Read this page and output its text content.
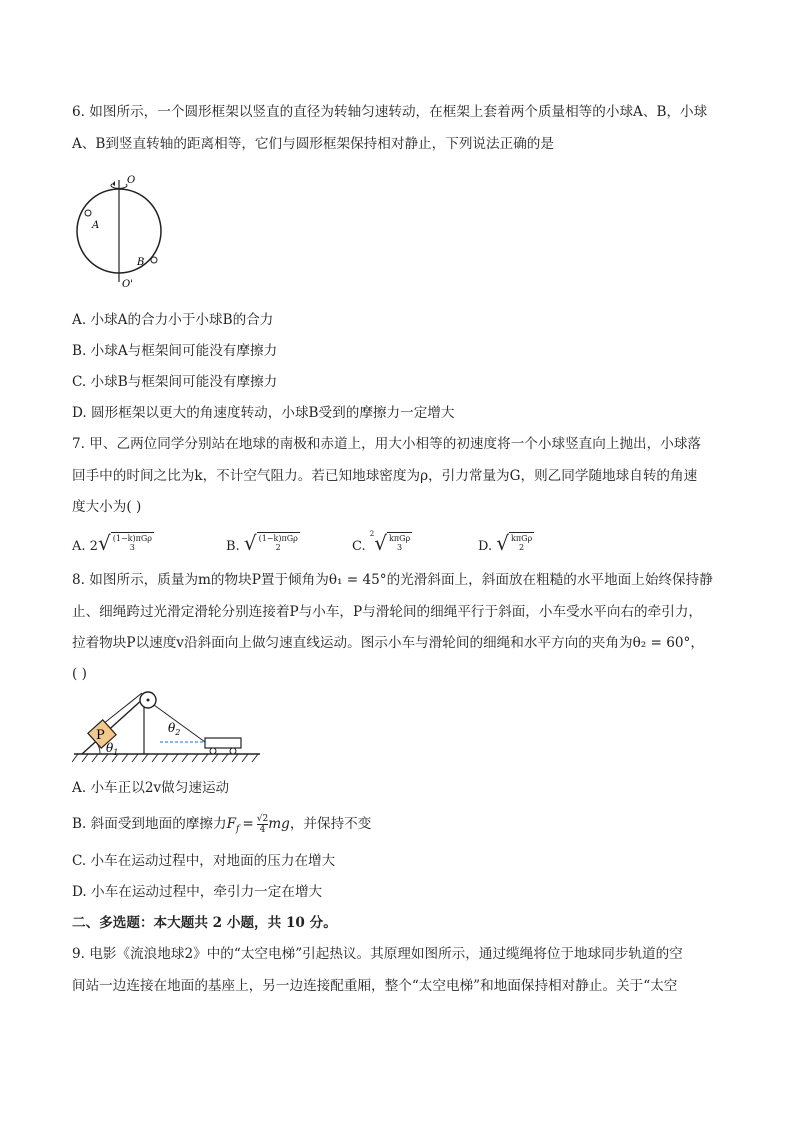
6. 如图所示，一个圆形框架以竖直的直径为转轴匀速转动，在框架上套着两个质量相等的小球A、B，小球
A、B到竖直转轴的距离相等，它们与圆形框架保持相对静止，下列说法正确的是
O
O'
A
B
A. 小球A的合力小于小球B的合力
B. 小球A与框架间可能没有摩擦力
C. 小球B与框架间可能没有摩擦力
D. 圆形框架以更大的角速度转动，小球B受到的摩擦力一定增大
7. 甲、乙两位同学分别站在地球的南极和赤道上，用大小相等的初速度将一个小球竖直向上抛出，小球落
回手中的时间之比为k，不计空气阻力。若已知地球密度为ρ，引力常量为G，则乙同学随地球自转的角速
度大小为( )
A. 2 √ (1−k)πGρ
3	B. √ (1−k)πGρ
2	C. $^2$ √ kπGρ
3	D. √ kπGρ
2
8. 如图所示，质量为m的物块P置于倾角为θ₁ = 45°的光滑斜面上，斜面放在粗糙的水平地面上始终保持静
止、细绳跨过光滑定滑轮分别连接着P与小车，P与滑轮间的细绳平行于斜面，小车受水平向右的牵引力，
拉着物块P以速度v沿斜面向上做匀速直线运动。图示小车与滑轮间的细绳和水平方向的夹角为θ₂ = 60°，
( )
P
$\theta_1$
$\theta_2$
A. 小车正以2v做匀速运动
B. 斜面受到地面的摩擦力$F_f = \frac{√2}{4}$ mg，并保持不变
C. 小车在运动过程中，对地面的压力在增大
D. 小车在运动过程中，牵引力一定在增大
二、多选题：本大题共 2 小题，共 10 分。
9. 电影《流浪地球2》中的“太空电梯”引起热议。其原理如图所示，通过缆绳将位于地球同步轨道的空
间站一边连接在地面的基座上，另一边连接配重厢，整个“太空电梯”和地面保持相对静止。关于“太空
